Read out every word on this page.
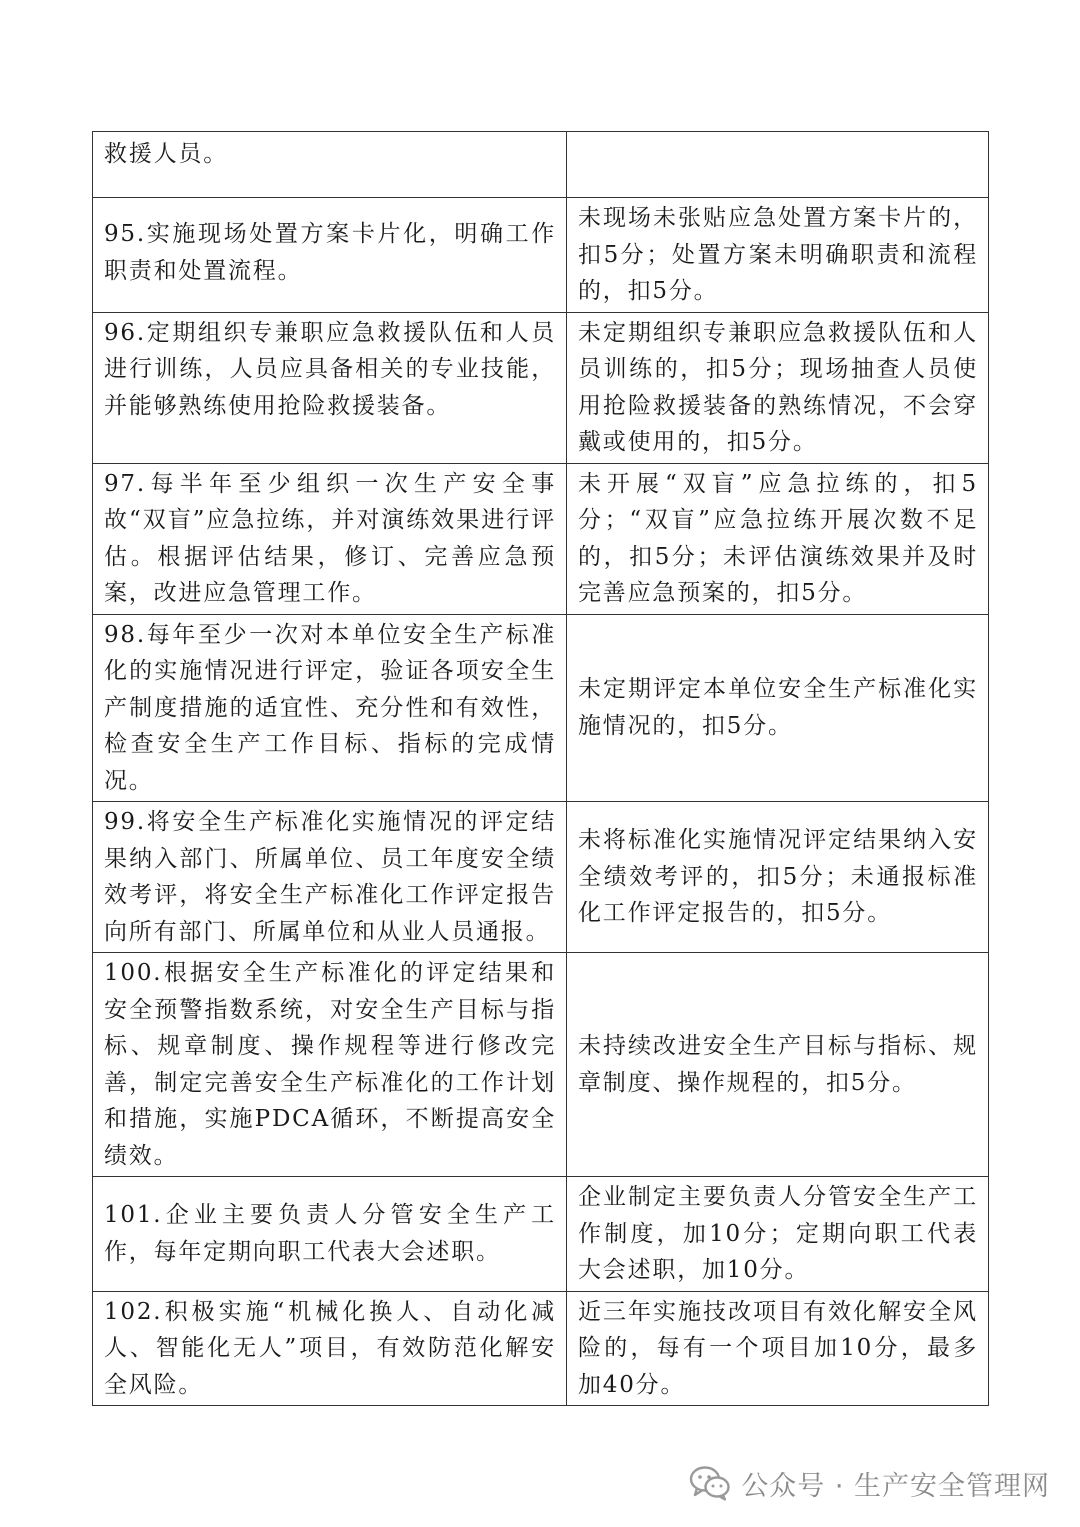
救援人员。	
95.实施现场处置方案卡片化，明确工作职责和处置流程。	未现场未张贴应急处置方案卡片的，扣5分；处置方案未明确职责和流程的，扣5分。
96.定期组织专兼职应急救援队伍和人员进行训练，人员应具备相关的专业技能，并能够熟练使用抢险救援装备。	未定期组织专兼职应急救援队伍和人员训练的，扣5分；现场抽查人员使用抢险救援装备的熟练情况，不会穿戴或使用的，扣5分。
97.每半年至少组织一次生产安全事故“双盲”应急拉练，并对演练效果进行评估。根据评估结果，修订、完善应急预案，改进应急管理工作。	未开展“双盲”应急拉练的，扣5分；“双盲”应急拉练开展次数不足的，扣5分；未评估演练效果并及时完善应急预案的，扣5分。
98.每年至少一次对本单位安全生产标准化的实施情况进行评定，验证各项安全生产制度措施的适宜性、充分性和有效性，检查安全生产工作目标、指标的完成情况。	未定期评定本单位安全生产标准化实施情况的，扣5分。
99.将安全生产标准化实施情况的评定结果纳入部门、所属单位、员工年度安全绩效考评，将安全生产标准化工作评定报告向所有部门、所属单位和从业人员通报。	未将标准化实施情况评定结果纳入安全绩效考评的，扣5分；未通报标准化工作评定报告的，扣5分。
100.根据安全生产标准化的评定结果和安全预警指数系统，对安全生产目标与指标、规章制度、操作规程等进行修改完善，制定完善安全生产标准化的工作计划和措施，实施PDCA循环，不断提高安全绩效。	未持续改进安全生产目标与指标、规章制度、操作规程的，扣5分。
101.企业主要负责人分管安全生产工作，每年定期向职工代表大会述职。	企业制定主要负责人分管安全生产工作制度，加10分；定期向职工代表大会述职，加10分。
102.积极实施“机械化换人、自动化减人、智能化无人”项目，有效防范化解安全风险。	近三年实施技改项目有效化解安全风险的，每有一个项目加10分，最多加40分。
公众号 · 生产安全管理网
